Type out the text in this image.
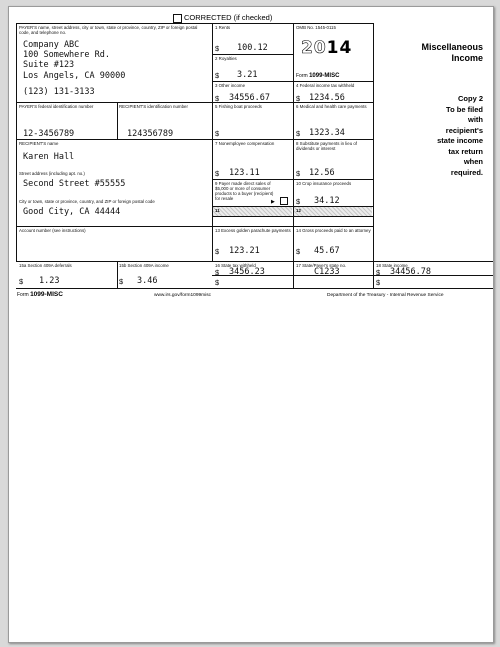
CORRECTED (if checked)
PAYER'S name, street address, city or town, state or province, country, ZIP or foreign postal code, and telephone no.
Company ABC
100 Somewhere Rd.
Suite #123
Los Angels, CA 90000
(123) 131-3133
PAYER'S federal identification number
12-3456789
RECIPIENT'S identification number
124356789
RECIPIENT'S name
Karen Hall
Street address (including apt. no.)
Second Street #55555
City or town, state or province, country, and ZIP or foreign postal code
Good City, CA 44444
Account number (see instructions)
1 Rents
$ 100.12
2 Royalties
$ 3.21
OMB No. 1545-0115
2014
Form 1099-MISC
Miscellaneous
Income
Copy 2
To be filed
with
recipient's
state income
tax return
when
required.
3 Other income
$ 34556.67
4 Federal income tax withheld
$ 1234.56
5 Fishing boat proceeds
$
6 Medical and health care payments
$ 1323.34
7 Nonemployee compensation
$ 123.11
8 Substitute payments in lieu of dividends or interest
$ 12.56
9 Payer made direct sales of $5,000 or more of consumer products to a buyer (recipient) for resale
▶
10 Crop insurance proceeds
$ 34.12
11	12
13 Excess golden parachute payments
$ 123.21
14 Gross proceeds paid to an attorney
$ 45.67
15a Section 409A deferrals
$ 1.23
15b Section 409A income
$ 3.46
16 State tax withheld
$ 3456.23
$
17 State/Payer's state no.
C1233
18 State income
$ 34456.78
$
Form 1099-MISC	www.irs.gov/form1099misc	Department of the Treasury - Internal Revenue Service
